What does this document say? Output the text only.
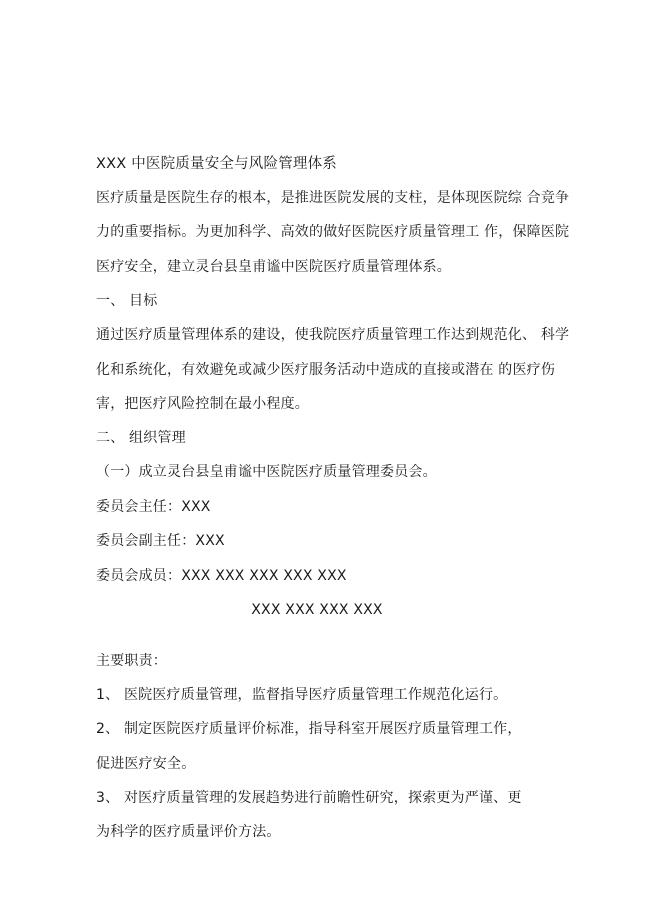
XXX 中医院质量安全与风险管理体系
医疗质量是医院生存的根本，是推进医院发展的支柱，是体现医院综 合竞争
力的重要指标。为更加科学、高效的做好医院医疗质量管理工 作，保障医院
医疗安全，建立灵台县皇甫谧中医院医疗质量管理体系。
一、 目标
通过医疗质量管理体系的建设，使我院医疗质量管理工作达到规范化、 科学
化和系统化，有效避免或减少医疗服务活动中造成的直接或潜在 的医疗伤
害，把医疗风险控制在最小程度。
二、 组织管理
（一）成立灵台县皇甫谧中医院医疗质量管理委员会。
委员会主任：XXX
委员会副主任：XXX
委员会成员：XXX XXX XXX XXX XXX
XXX XXX XXX XXX
主要职责：
1、 医院医疗质量管理，监督指导医疗质量管理工作规范化运行。
2、 制定医院医疗质量评价标准，指导科室开展医疗质量管理工作，
促进医疗安全。
3、 对医疗质量管理的发展趋势进行前瞻性研究，探索更为严谨、更
为科学的医疗质量评价方法。
